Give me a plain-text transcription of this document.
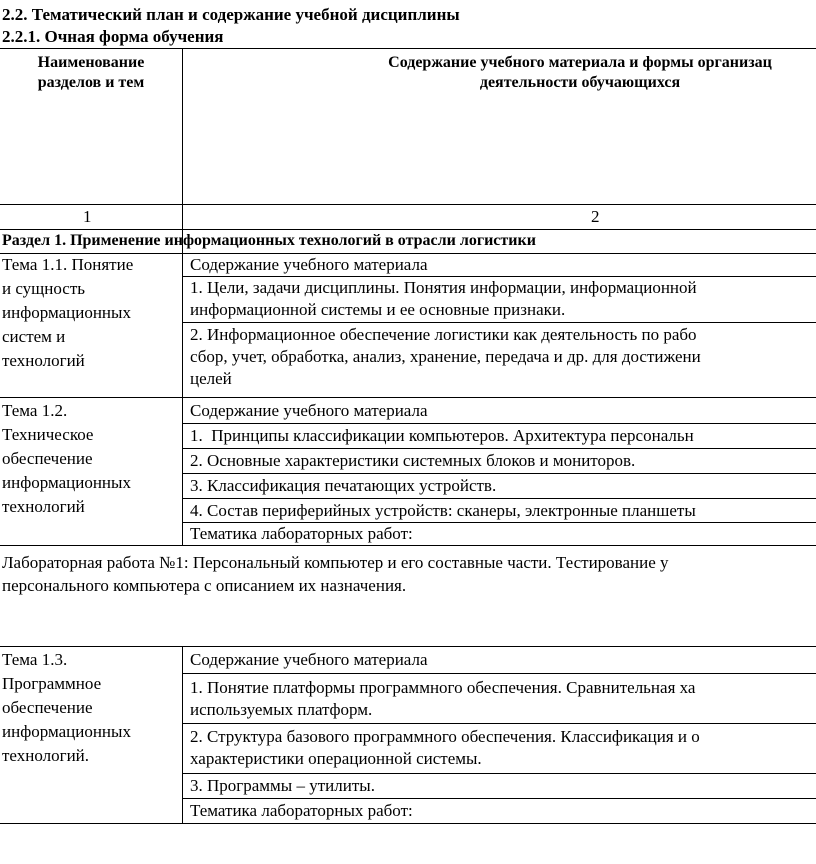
2.2. Тематический план и содержание учебной дисциплины
2.2.1. Очная форма обучения
Наименование
разделов и тем
Содержание учебного материала и формы организац
деятельности обучающихся
1	2
Раздел 1. Применение информационных технологий в отрасли логистики
Тема 1.1. Понятие
и сущность
информационных
систем и
технологий
Содержание учебного материала
1. Цели, задачи дисциплины. Понятия информации, информационной
информационной системы и ее основные признаки.
2. Информационное обеспечение логистики как деятельность по рабо
сбор, учет, обработка, анализ, хранение, передача и др. для достижени
целей
Тема 1.2.
Техническое
обеспечение
информационных
технологий
Содержание учебного материала
1.  Принципы классификации компьютеров. Архитектура персональн
2. Основные характеристики системных блоков и мониторов.
3. Классификация печатающих устройств.
4. Состав периферийных устройств: сканеры, электронные планшеты
Тематика лабораторных работ:
Лабораторная работа №1: Персональный компьютер и его составные части. Тестирование у
персонального компьютера с описанием их назначения.
Тема 1.3.
Программное
обеспечение
информационных
технологий.
Содержание учебного материала
1. Понятие платформы программного обеспечения. Сравнительная ха
используемых платформ.
2. Структура базового программного обеспечения. Классификация и о
характеристики операционной системы.
3. Программы – утилиты.
Тематика лабораторных работ:
